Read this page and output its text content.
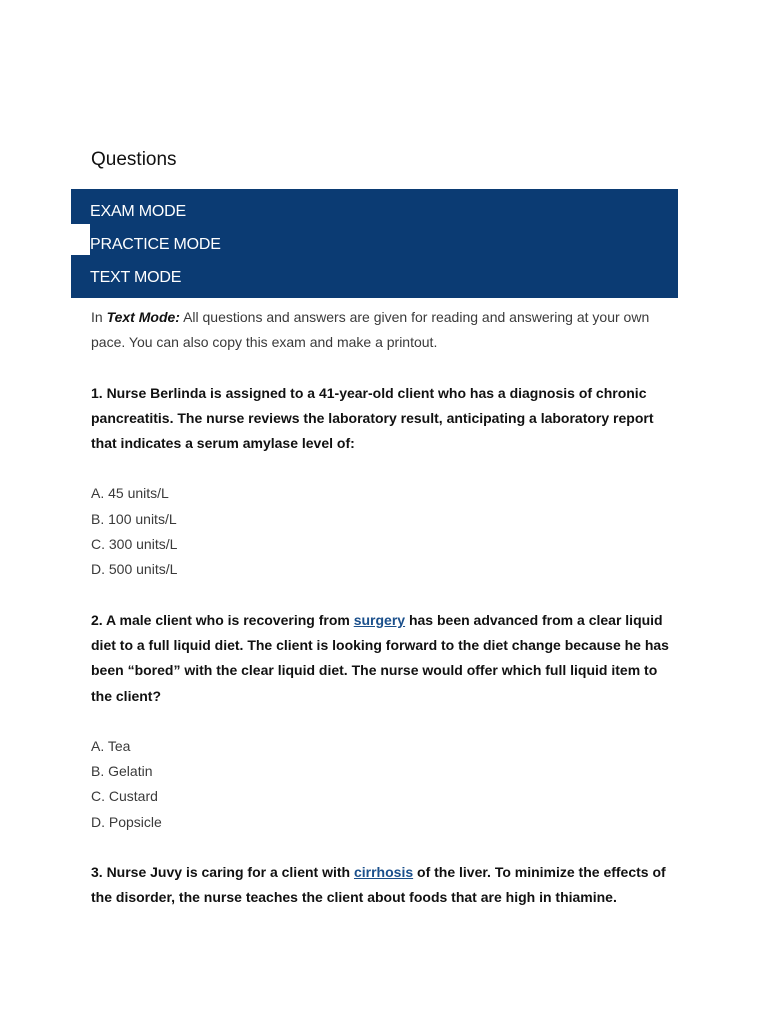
Questions
EXAM MODE
PRACTICE MODE
TEXT MODE

In Text Mode: All questions and answers are given for reading and answering at your own pace. You can also copy this exam and make a printout.

1. Nurse Berlinda is assigned to a 41-year-old client who has a diagnosis of chronic pancreatitis. The nurse reviews the laboratory result, anticipating a laboratory report that indicates a serum amylase level of:

A. 45 units/L
B. 100 units/L
C. 300 units/L
D. 500 units/L

2. A male client who is recovering from surgery has been advanced from a clear liquid diet to a full liquid diet. The client is looking forward to the diet change because he has been “bored” with the clear liquid diet. The nurse would offer which full liquid item to the client?

A. Tea
B. Gelatin
C. Custard
D. Popsicle

3. Nurse Juvy is caring for a client with cirrhosis of the liver. To minimize the effects of the disorder, the nurse teaches the client about foods that are high in thiamine.
